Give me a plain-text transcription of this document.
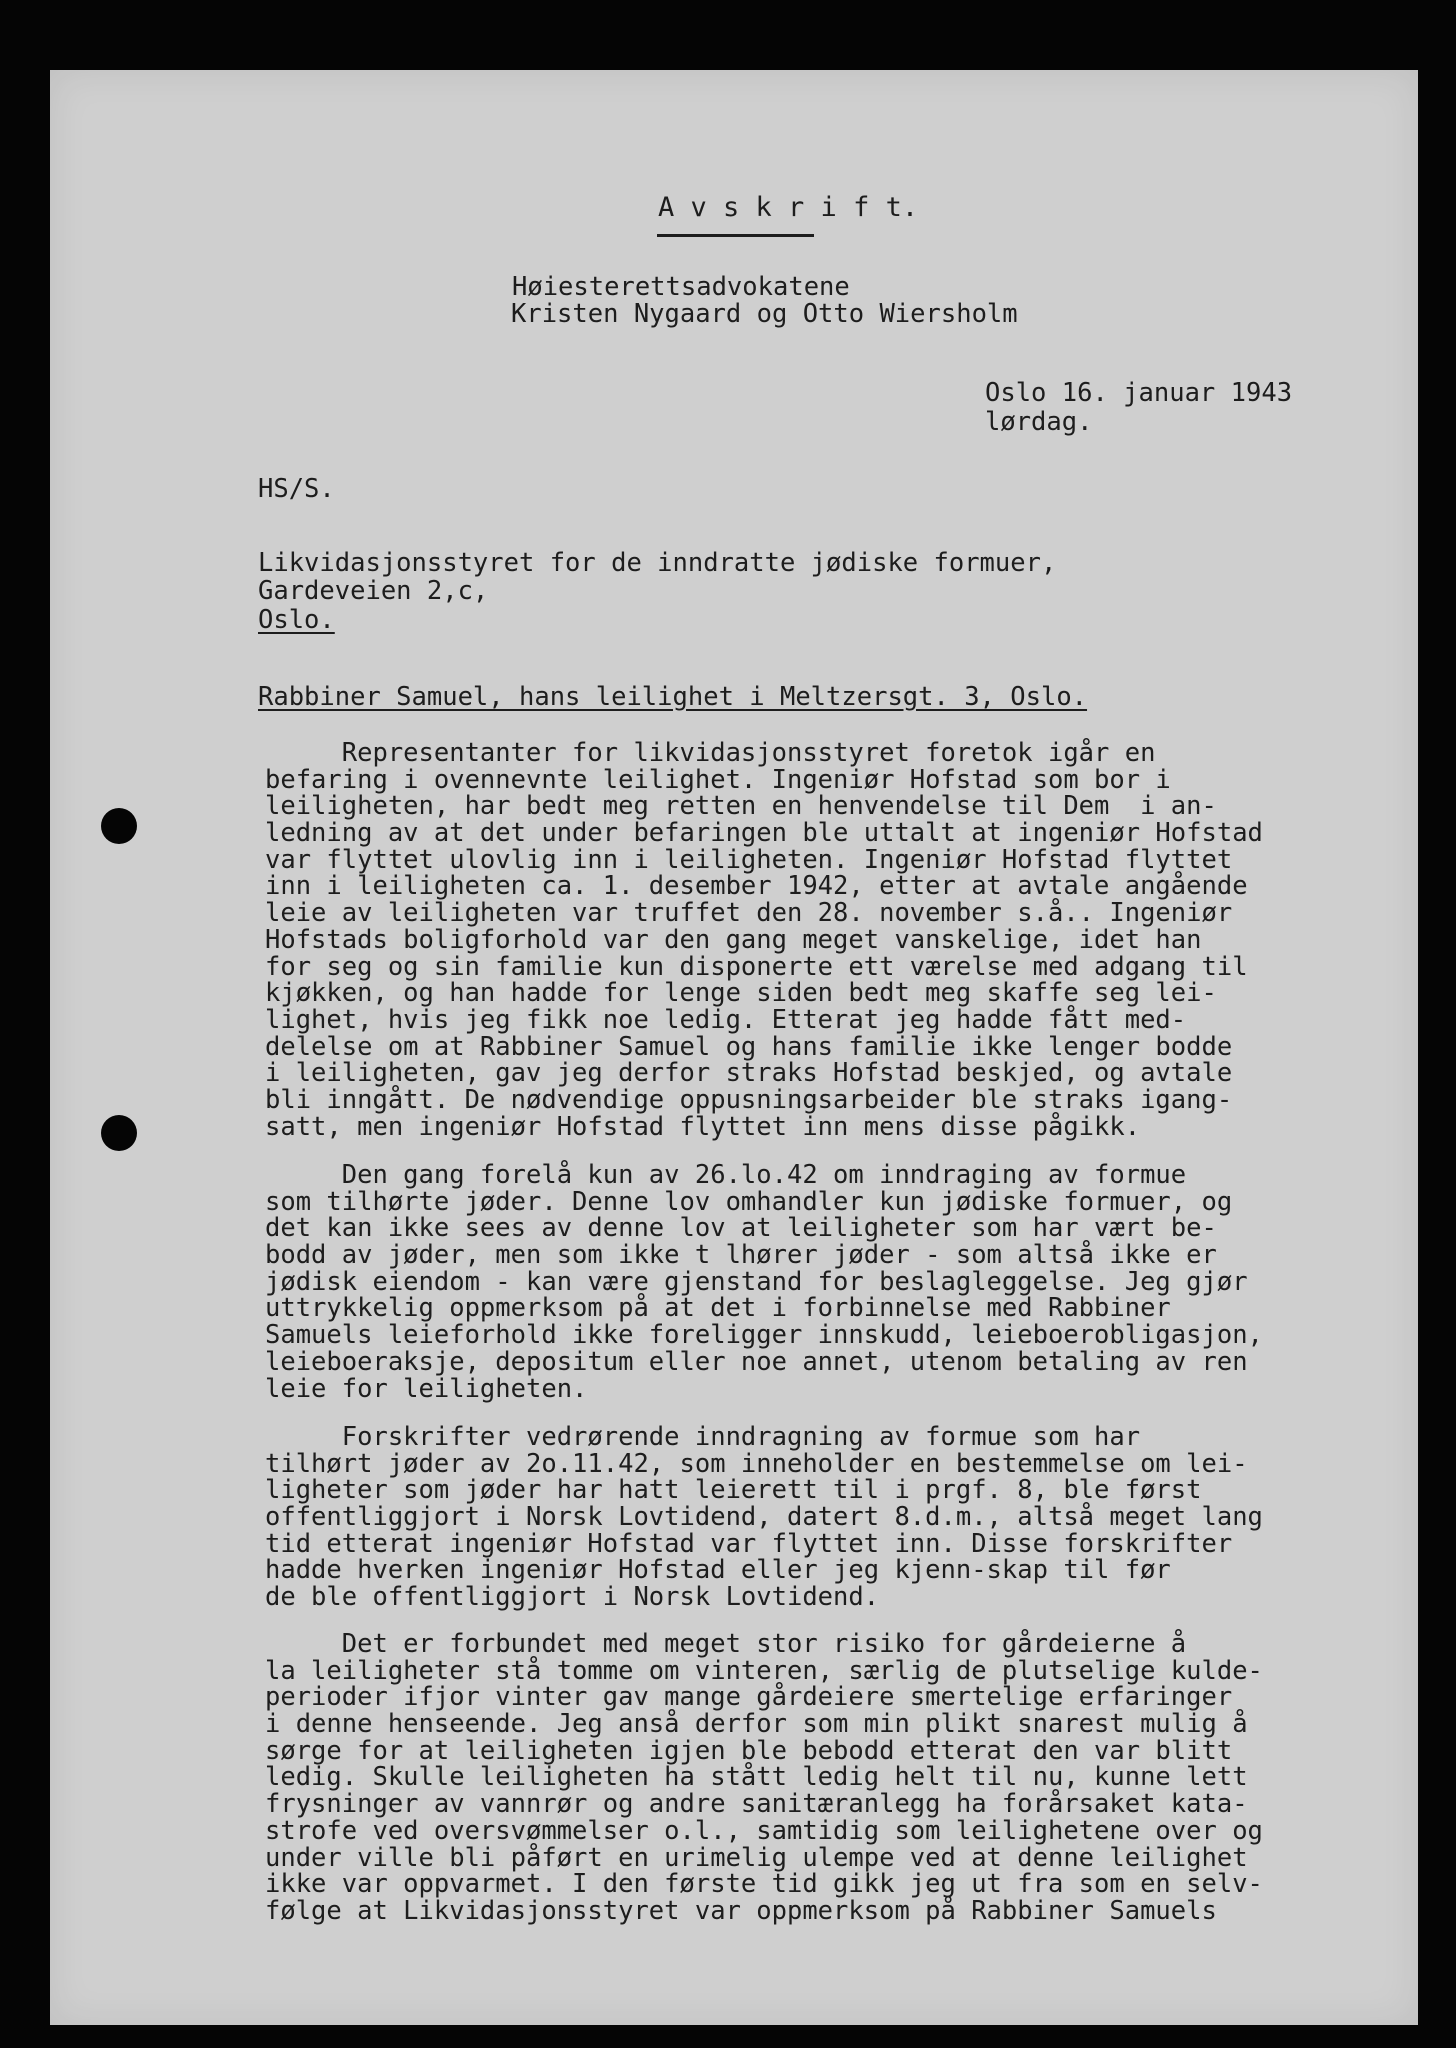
A v s k r i f t.
Høiesterettsadvokatene
Kristen Nygaard og Otto Wiersholm
Oslo 16. januar 1943
lørdag.
HS/S.
Likvidasjonsstyret for de inndratte jødiske formuer,
Gardeveien 2,c,
Oslo.
Rabbiner Samuel, hans leilighet i Meltzersgt. 3, Oslo.
Representanter for likvidasjonsstyret foretok igår en
befaring i ovennevnte leilighet. Ingeniør Hofstad som bor i
leiligheten, har bedt meg retten en henvendelse til Dem  i an-
ledning av at det under befaringen ble uttalt at ingeniør Hofstad
var flyttet ulovlig inn i leiligheten. Ingeniør Hofstad flyttet
inn i leiligheten ca. 1. desember 1942, etter at avtale angående
leie av leiligheten var truffet den 28. november s.å.. Ingeniør
Hofstads boligforhold var den gang meget vanskelige, idet han
for seg og sin familie kun disponerte ett værelse med adgang til
kjøkken, og han hadde for lenge siden bedt meg skaffe seg lei-
lighet, hvis jeg fikk noe ledig. Etterat jeg hadde fått med-
delelse om at Rabbiner Samuel og hans familie ikke lenger bodde
i leiligheten, gav jeg derfor straks Hofstad beskjed, og avtale
bli inngått. De nødvendige oppusningsarbeider ble straks igang-
satt, men ingeniør Hofstad flyttet inn mens disse pågikk.
Den gang forelå kun av 26.lo.42 om inndraging av formue
som tilhørte jøder. Denne lov omhandler kun jødiske formuer, og
det kan ikke sees av denne lov at leiligheter som har vært be-
bodd av jøder, men som ikke t lhører jøder - som altså ikke er
jødisk eiendom - kan være gjenstand for beslagleggelse. Jeg gjør
uttrykkelig oppmerksom på at det i forbinnelse med Rabbiner
Samuels leieforhold ikke foreligger innskudd, leieboerobligasjon,
leieboeraksje, depositum eller noe annet, utenom betaling av ren
leie for leiligheten.
Forskrifter vedrørende inndragning av formue som har
tilhørt jøder av 2o.11.42, som inneholder en bestemmelse om lei-
ligheter som jøder har hatt leierett til i prgf. 8, ble først
offentliggjort i Norsk Lovtidend, datert 8.d.m., altså meget lang
tid etterat ingeniør Hofstad var flyttet inn. Disse forskrifter
hadde hverken ingeniør Hofstad eller jeg kjenn-skap til før
de ble offentliggjort i Norsk Lovtidend.
Det er forbundet med meget stor risiko for gårdeierne å
la leiligheter stå tomme om vinteren, særlig de plutselige kulde-
perioder ifjor vinter gav mange gårdeiere smertelige erfaringer
i denne henseende. Jeg anså derfor som min plikt snarest mulig å
sørge for at leiligheten igjen ble bebodd etterat den var blitt
ledig. Skulle leiligheten ha stått ledig helt til nu, kunne lett
frysninger av vannrør og andre sanitæranlegg ha forårsaket kata-
strofe ved oversvømmelser o.l., samtidig som leilighetene over og
under ville bli påført en urimelig ulempe ved at denne leilighet
ikke var oppvarmet. I den første tid gikk jeg ut fra som en selv-
følge at Likvidasjonsstyret var oppmerksom på Rabbiner Samuels
